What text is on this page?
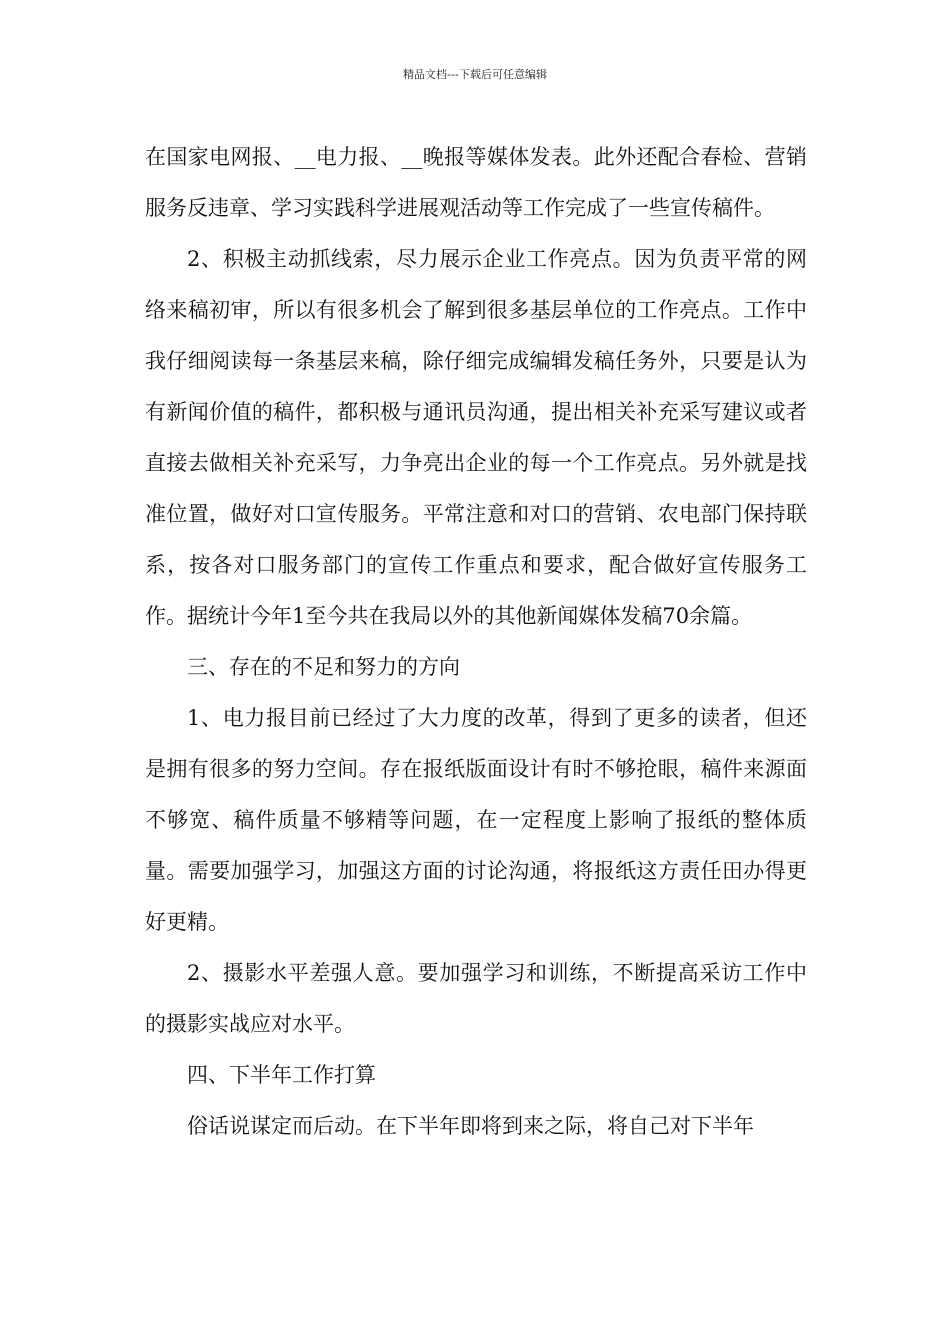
精品文档---下载后可任意编辑

在国家电网报、__电力报、__晚报等媒体发表。此外还配合春检、营销服务反违章、学习实践科学进展观活动等工作完成了一些宣传稿件。

2、积极主动抓线索，尽力展示企业工作亮点。因为负责平常的网络来稿初审，所以有很多机会了解到很多基层单位的工作亮点。工作中我仔细阅读每一条基层来稿，除仔细完成编辑发稿任务外，只要是认为有新闻价值的稿件，都积极与通讯员沟通，提出相关补充采写建议或者直接去做相关补充采写，力争亮出企业的每一个工作亮点。另外就是找准位置，做好对口宣传服务。平常注意和对口的营销、农电部门保持联系，按各对口服务部门的宣传工作重点和要求，配合做好宣传服务工作。据统计今年1至今共在我局以外的其他新闻媒体发稿70余篇。

三、存在的不足和努力的方向

1、电力报目前已经过了大力度的改革，得到了更多的读者，但还是拥有很多的努力空间。存在报纸版面设计有时不够抢眼，稿件来源面不够宽、稿件质量不够精等问题，在一定程度上影响了报纸的整体质量。需要加强学习，加强这方面的讨论沟通，将报纸这方责任田办得更好更精。

2、摄影水平差强人意。要加强学习和训练，不断提高采访工作中的摄影实战应对水平。

四、下半年工作打算

俗话说谋定而后动。在下半年即将到来之际，将自己对下半年
